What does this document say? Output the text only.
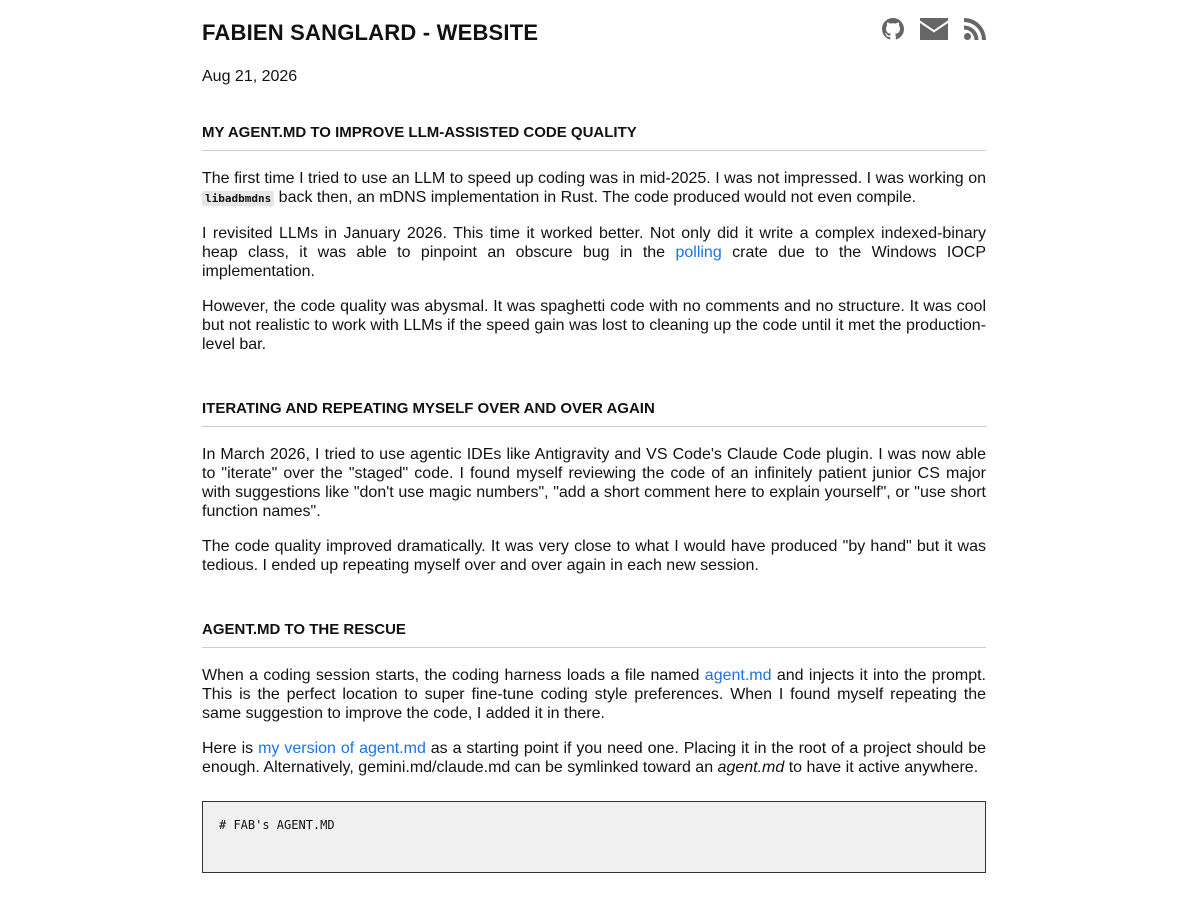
FABIEN SANGLARD - WEBSITE

Aug 21, 2026

MY AGENT.MD TO IMPROVE LLM-ASSISTED CODE QUALITY

The first time I tried to use an LLM to speed up coding was in mid-2025. I was not impressed. I was working on libadbmdns back then, an mDNS implementation in Rust. The code produced would not even compile.

I revisited LLMs in January 2026. This time it worked better. Not only did it write a complex indexed-binary heap class, it was able to pinpoint an obscure bug in the polling crate due to the Windows IOCP implementation.

However, the code quality was abysmal. It was spaghetti code with no comments and no structure. It was cool but not realistic to work with LLMs if the speed gain was lost to cleaning up the code until it met the production-level bar.

ITERATING AND REPEATING MYSELF OVER AND OVER AGAIN

In March 2026, I tried to use agentic IDEs like Antigravity and VS Code's Claude Code plugin. I was now able to "iterate" over the "staged" code. I found myself reviewing the code of an infinitely patient junior CS major with suggestions like "don't use magic numbers", "add a short comment here to explain yourself", or "use short function names".

The code quality improved dramatically. It was very close to what I would have produced "by hand" but it was tedious. I ended up repeating myself over and over again in each new session.

AGENT.MD TO THE RESCUE

When a coding session starts, the coding harness loads a file named agent.md and injects it into the prompt. This is the perfect location to super fine-tune coding style preferences. When I found myself repeating the same suggestion to improve the code, I added it in there.

Here is my version of agent.md as a starting point if you need one. Placing it in the root of a project should be enough. Alternatively, gemini.md/claude.md can be symlinked toward an agent.md to have it active anywhere.

# FAB's AGENT.MD
